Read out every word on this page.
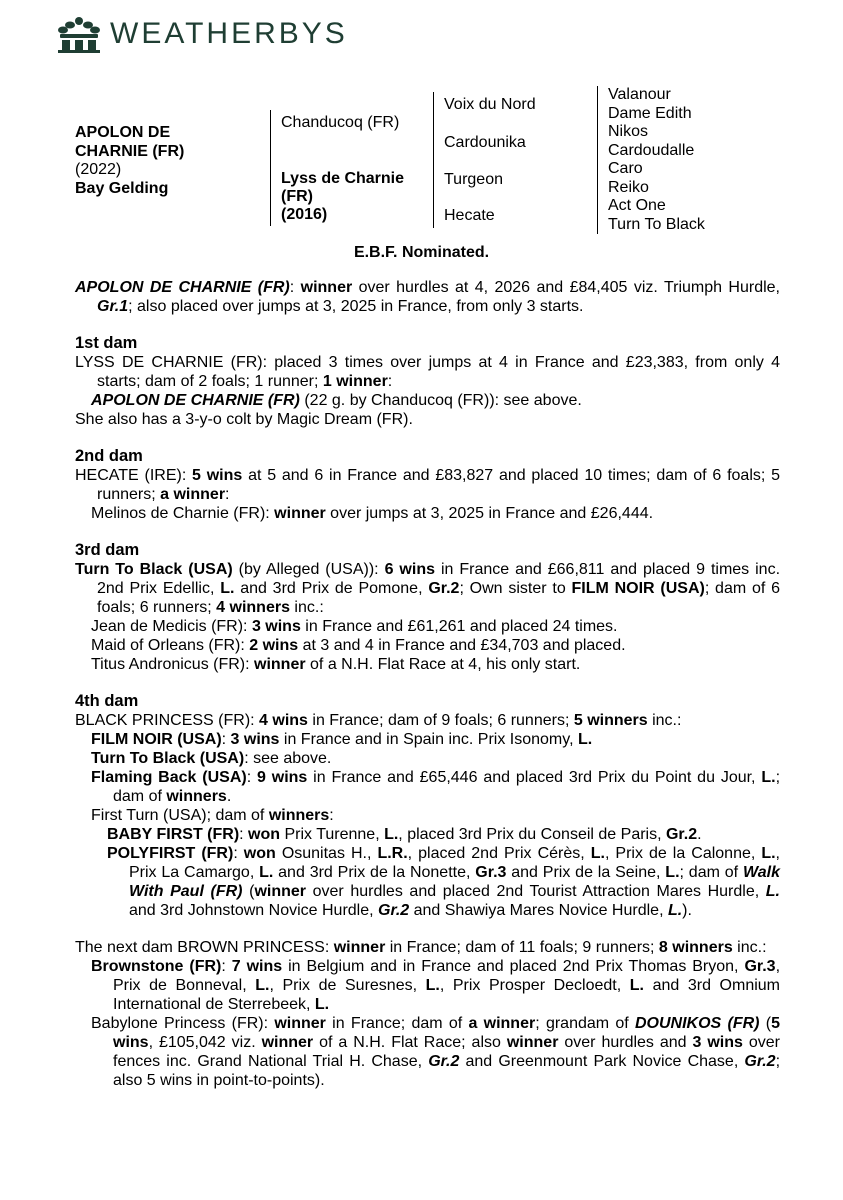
WEATHERBYS
APOLON DE
CHARNIE (FR)
(2022)
Bay Gelding
Chanducoq (FR)
Lyss de Charnie
(FR)
(2016)
Voix du Nord
Cardounika
Turgeon
Hecate
Valanour
Dame Edith
Nikos
Cardoudalle
Caro
Reiko
Act One
Turn To Black
E.B.F. Nominated.

APOLON DE CHARNIE (FR): winner over hurdles at 4, 2026 and £84,405 viz. Triumph Hurdle, Gr.1; also placed over jumps at 3, 2025 in France, from only 3 starts.

1st dam

LYSS DE CHARNIE (FR): placed 3 times over jumps at 4 in France and £23,383, from only 4 starts; dam of 2 foals; 1 runner; 1 winner:

APOLON DE CHARNIE (FR) (22 g. by Chanducoq (FR)): see above.

She also has a 3-y-o colt by Magic Dream (FR).

2nd dam

HECATE (IRE): 5 wins at 5 and 6 in France and £83,827 and placed 10 times; dam of 6 foals; 5 runners; a winner:

Melinos de Charnie (FR): winner over jumps at 3, 2025 in France and £26,444.

3rd dam

Turn To Black (USA) (by Alleged (USA)): 6 wins in France and £66,811 and placed 9 times inc. 2nd Prix Edellic, L. and 3rd Prix de Pomone, Gr.2; Own sister to FILM NOIR (USA); dam of 6 foals; 6 runners; 4 winners inc.:

Jean de Medicis (FR): 3 wins in France and £61,261 and placed 24 times.

Maid of Orleans (FR): 2 wins at 3 and 4 in France and £34,703 and placed.

Titus Andronicus (FR): winner of a N.H. Flat Race at 4, his only start.

4th dam

BLACK PRINCESS (FR): 4 wins in France; dam of 9 foals; 6 runners; 5 winners inc.:

FILM NOIR (USA): 3 wins in France and in Spain inc. Prix Isonomy, L.

Turn To Black (USA): see above.

Flaming Back (USA): 9 wins in France and £65,446 and placed 3rd Prix du Point du Jour, L.; dam of winners.

First Turn (USA); dam of winners:

BABY FIRST (FR): won Prix Turenne, L., placed 3rd Prix du Conseil de Paris, Gr.2.

POLYFIRST (FR): won Osunitas H., L.R., placed 2nd Prix Cérès, L., Prix de la Calonne, L., Prix La Camargo, L. and 3rd Prix de la Nonette, Gr.3 and Prix de la Seine, L.; dam of Walk With Paul (FR) (winner over hurdles and placed 2nd Tourist Attraction Mares Hurdle, L. and 3rd Johnstown Novice Hurdle, Gr.2 and Shawiya Mares Novice Hurdle, L.).

The next dam BROWN PRINCESS: winner in France; dam of 11 foals; 9 runners; 8 winners inc.:

Brownstone (FR): 7 wins in Belgium and in France and placed 2nd Prix Thomas Bryon, Gr.3, Prix de Bonneval, L., Prix de Suresnes, L., Prix Prosper Decloedt, L. and 3rd Omnium International de Sterrebeek, L.

Babylone Princess (FR): winner in France; dam of a winner; grandam of DOUNIKOS (FR) (5 wins, £105,042 viz. winner of a N.H. Flat Race; also winner over hurdles and 3 wins over fences inc. Grand National Trial H. Chase, Gr.2 and Greenmount Park Novice Chase, Gr.2; also 5 wins in point-to-points).
